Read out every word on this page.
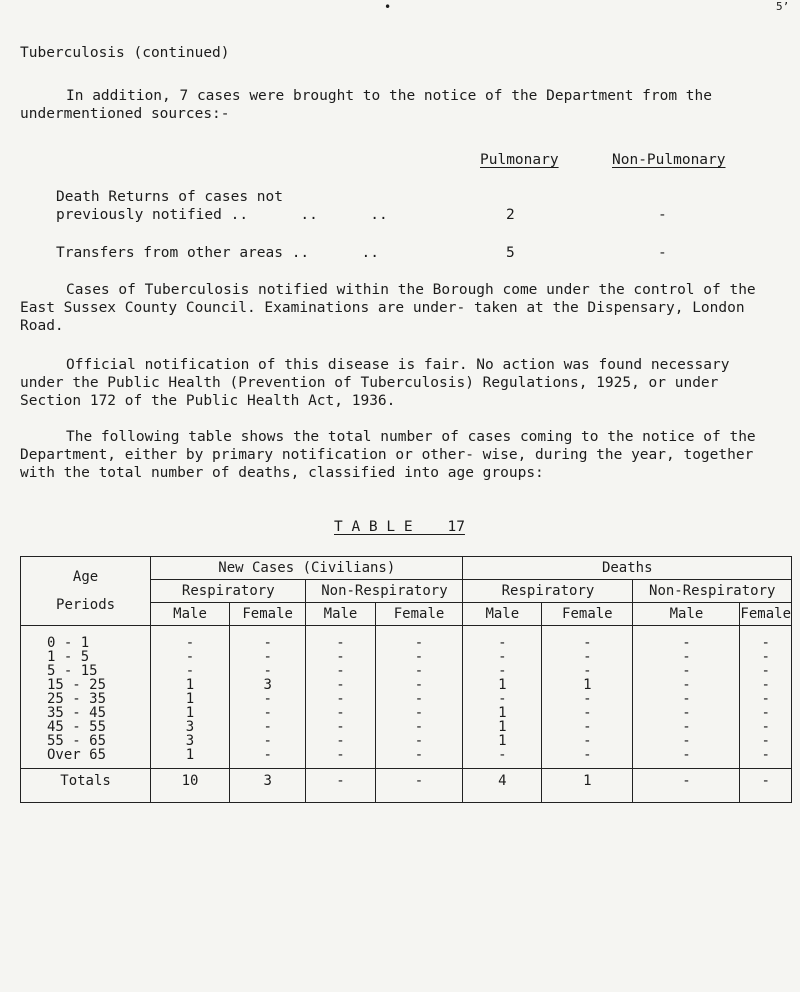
•	5’
Tuberculosis (continued)
In addition, 7 cases were brought to the notice of the Department from the undermentioned sources:-
Pulmonary	Non-Pulmonary
Death Returns of cases not
previously notified ..      ..      ..	2	-
Transfers from other areas ..      ..	5	-
Cases of Tuberculosis notified within the Borough come under the control of the East Sussex County Council. Examinations are under- taken at the Dispensary, London Road.
Official notification of this disease is fair. No action was found necessary under the Public Health (Prevention of Tuberculosis) Regulations, 1925, or under Section 172 of the Public Health Act, 1936.
The following table shows the total number of cases coming to the notice of the Department, either by primary notification or other- wise, during the year, together with the total number of deaths, classified into age groups:
T A B L E    17
Age

Periods	New Cases (Civilians)				Deaths			
	Respiratory		Non-Respiratory		Respiratory		Non-Respiratory	
	Male	Female	Male	Female	Male	Female	Male	Female
0 - 1	-	-	-	-	-	-	-	-
1 - 5	-	-	-	-	-	-	-	-
5 - 15	-	-	-	-	-	-	-	-
15 - 25	1	3	-	-	1	1	-	-
25 - 35	1	-	-	-	-	-	-	-
35 - 45	1	-	-	-	1	-	-	-
45 - 55	3	-	-	-	1	-	-	-
55 - 65	3	-	-	-	1	-	-	-
Over 65	1	-	-	-	-	-	-	-
Totals	10	3	-	-	4	1	-	-
